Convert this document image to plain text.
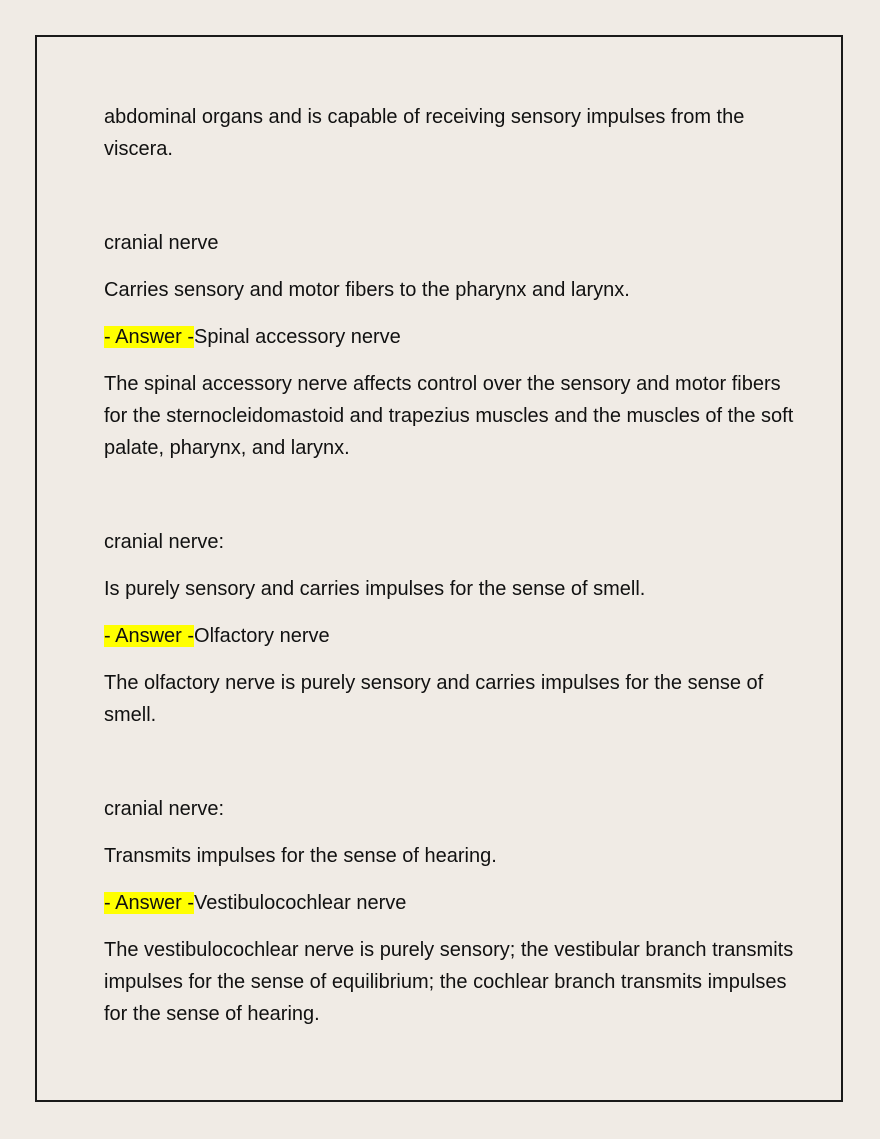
abdominal organs and is capable of receiving sensory impulses from the viscera.

cranial nerve

Carries sensory and motor fibers to the pharynx and larynx.

- Answer -Spinal accessory nerve

The spinal accessory nerve affects control over the sensory and motor fibers for the sternocleidomastoid and trapezius muscles and the muscles of the soft palate, pharynx, and larynx.

cranial nerve:

Is purely sensory and carries impulses for the sense of smell.

- Answer -Olfactory nerve

The olfactory nerve is purely sensory and carries impulses for the sense of smell.

cranial nerve:

Transmits impulses for the sense of hearing.

- Answer -Vestibulocochlear nerve

The vestibulocochlear nerve is purely sensory; the vestibular branch transmits impulses for the sense of equilibrium; the cochlear branch transmits impulses for the sense of hearing.
